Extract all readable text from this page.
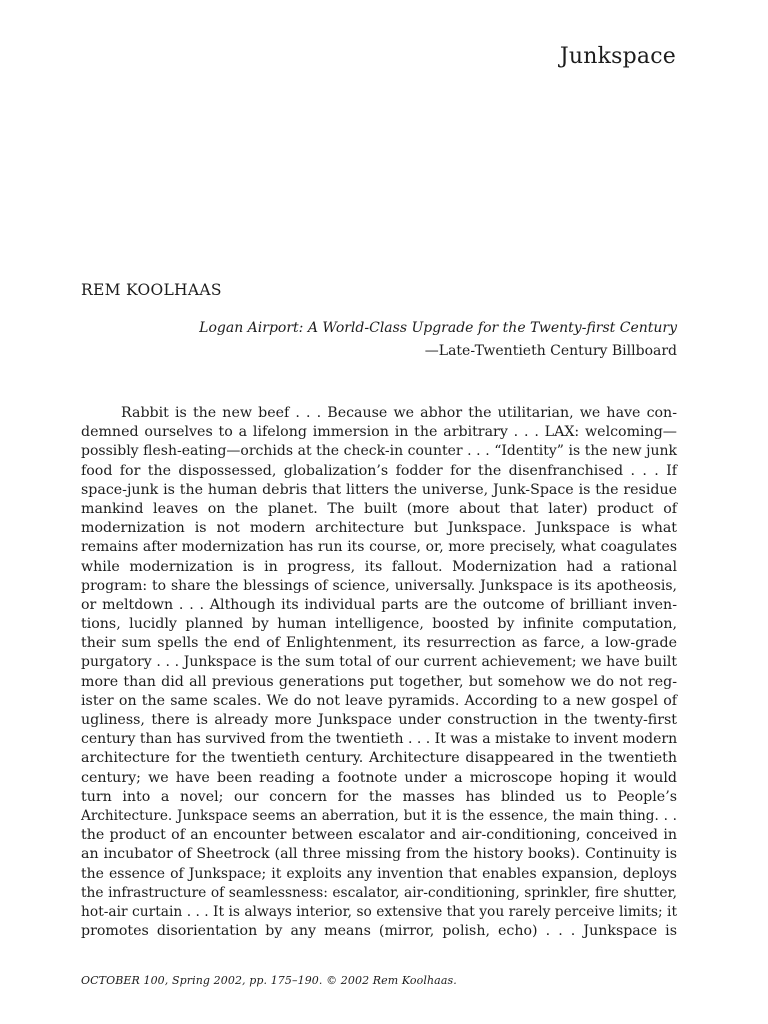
Junkspace
REM KOOLHAAS
Logan Airport: A World-Class Upgrade for the Twenty-first Century
—Late-Twentieth Century Billboard
Rabbit is the new beef . . . Because we abhor the utilitarian, we have con-
demned ourselves to a lifelong immersion in the arbitrary . . . LAX: welcoming—
possibly flesh-eating—orchids at the check-in counter . . . “Identity” is the new junk
food for the dispossessed, globalization’s fodder for the disenfranchised . . . If
space-junk is the human debris that litters the universe, Junk-Space is the residue
mankind leaves on the planet. The built (more about that later) product of
modernization is not modern architecture but Junkspace. Junkspace is what
remains after modernization has run its course, or, more precisely, what coagulates
while modernization is in progress, its fallout. Modernization had a rational
program: to share the blessings of science, universally. Junkspace is its apotheosis,
or meltdown . . . Although its individual parts are the outcome of brilliant inven-
tions, lucidly planned by human intelligence, boosted by infinite computation,
their sum spells the end of Enlightenment, its resurrection as farce, a low-grade
purgatory . . . Junkspace is the sum total of our current achievement; we have built
more than did all previous generations put together, but somehow we do not reg-
ister on the same scales. We do not leave pyramids. According to a new gospel of
ugliness, there is already more Junkspace under construction in the twenty-first
century than has survived from the twentieth . . . It was a mistake to invent modern
architecture for the twentieth century. Architecture disappeared in the twentieth
century; we have been reading a footnote under a microscope hoping it would
turn into a novel; our concern for the masses has blinded us to People’s
Architecture. Junkspace seems an aberration, but it is the essence, the main thing. . .
the product of an encounter between escalator and air-conditioning, conceived in
an incubator of Sheetrock (all three missing from the history books). Continuity is
the essence of Junkspace; it exploits any invention that enables expansion, deploys
the infrastructure of seamlessness: escalator, air-conditioning, sprinkler, fire shutter,
hot-air curtain . . . It is always interior, so extensive that you rarely perceive limits; it
promotes disorientation by any means (mirror, polish, echo) . . . Junkspace is
OCTOBER 100, Spring 2002, pp. 175–190. © 2002 Rem Koolhaas.
